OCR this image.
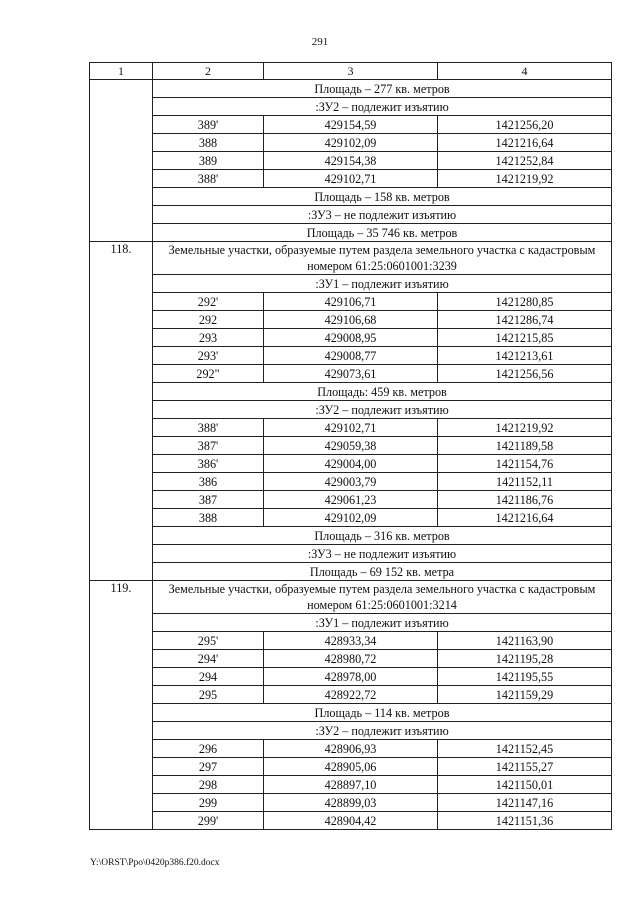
291
1	2	3	4
	Площадь – 277 кв. метров		
	:ЗУ2 – подлежит изъятию		
	389'	429154,59	1421256,20
	388	429102,09	1421216,64
	389	429154,38	1421252,84
	388'	429102,71	1421219,92
	Площадь – 158 кв. метров		
	:ЗУ3 – не подлежит изъятию		
	Площадь – 35 746 кв. метров		
118.	Земельные участки, образуемые путем раздела земельного участка с кадастровым номером 61:25:0601001:3239		
	:ЗУ1 – подлежит изъятию		
	292'	429106,71	1421280,85
	292	429106,68	1421286,74
	293	429008,95	1421215,85
	293'	429008,77	1421213,61
	292"	429073,61	1421256,56
	Площадь: 459 кв. метров		
	:ЗУ2 – подлежит изъятию		
	388'	429102,71	1421219,92
	387'	429059,38	1421189,58
	386'	429004,00	1421154,76
	386	429003,79	1421152,11
	387	429061,23	1421186,76
	388	429102,09	1421216,64
	Площадь – 316 кв. метров		
	:ЗУ3 – не подлежит изъятию		
	Площадь – 69 152 кв. метра		
119.	Земельные участки, образуемые путем раздела земельного участка с кадастровым номером 61:25:0601001:3214		
	:ЗУ1 – подлежит изъятию		
	295'	428933,34	1421163,90
	294'	428980,72	1421195,28
	294	428978,00	1421195,55
	295	428922,72	1421159,29
	Площадь – 114 кв. метров		
	:ЗУ2 – подлежит изъятию		
	296	428906,93	1421152,45
	297	428905,06	1421155,27
	298	428897,10	1421150,01
	299	428899,03	1421147,16
	299'	428904,42	1421151,36
Y:\ORST\Ppo\0420p386.f20.docx
